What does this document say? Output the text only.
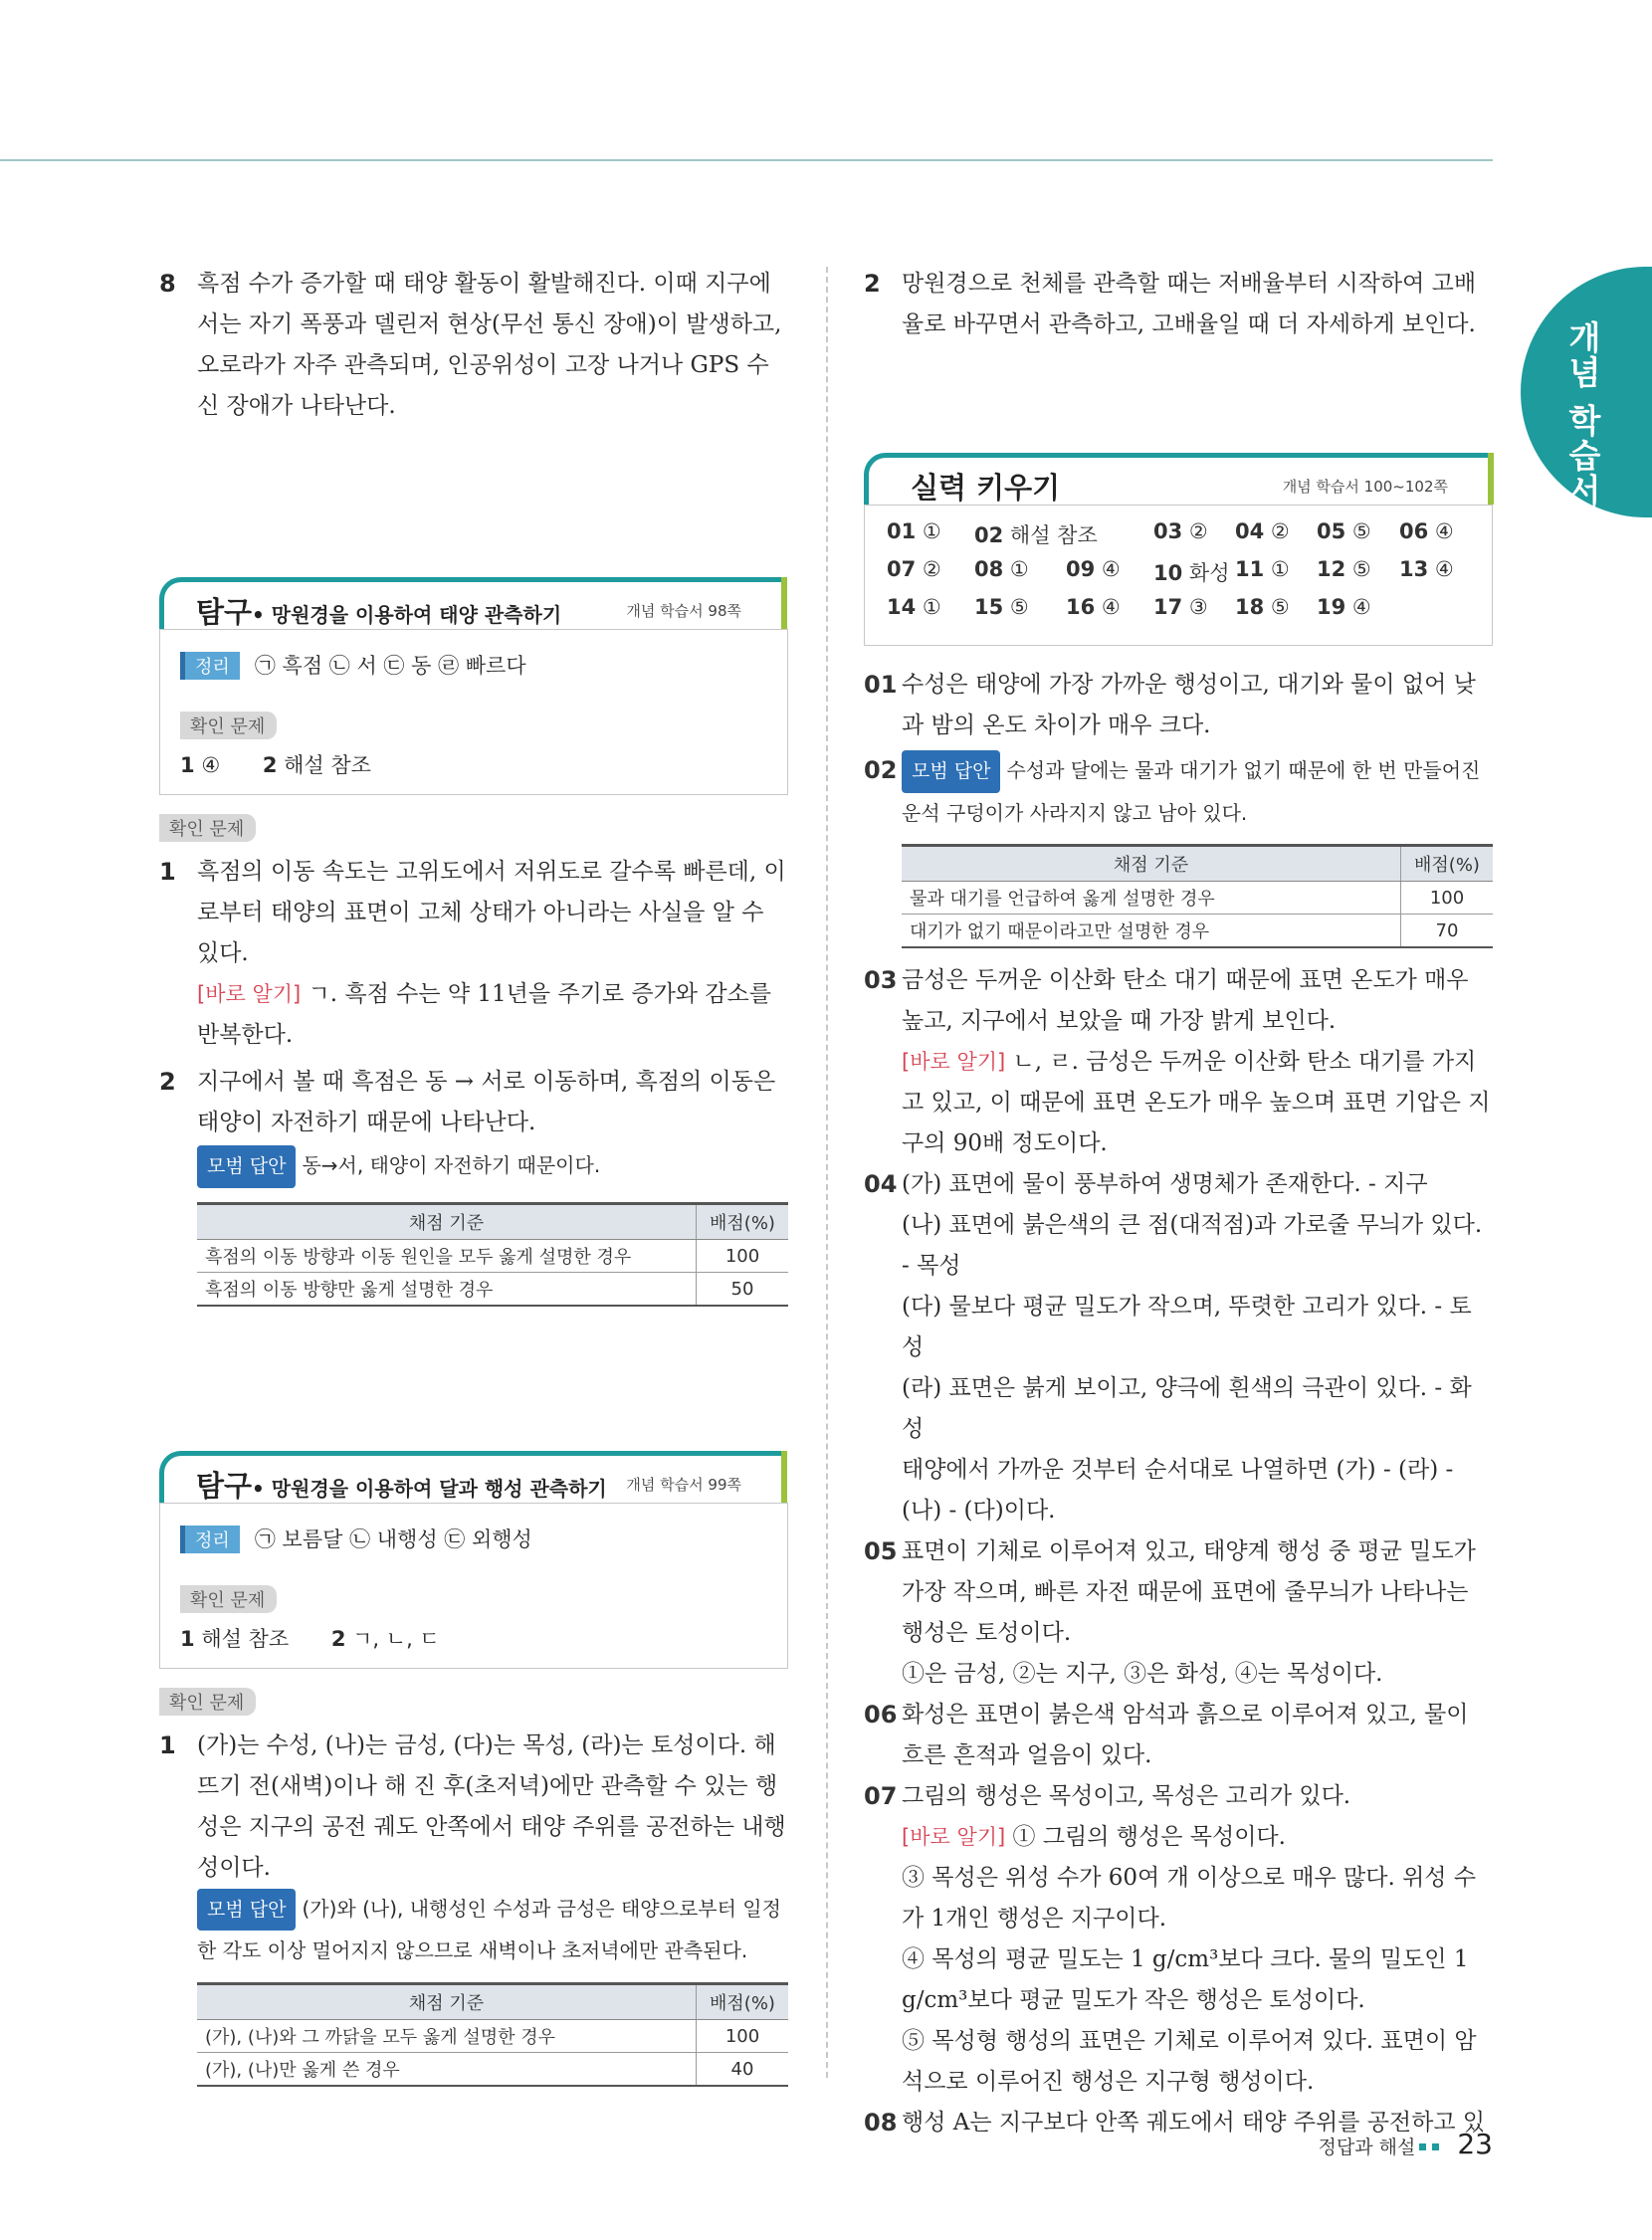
개념 학습서
8 흑점 수가 증가할 때 태양 활동이 활발해진다. 이때 지구에서는 자기 폭풍과 델린저 현상(무선 통신 장애)이 발생하고, 오로라가 자주 관측되며, 인공위성이 고장 나거나 GPS 수신 장애가 나타난다.
탐구• 망원경을 이용하여 태양 관측하기	개념 학습서 98쪽
정리 ㉠ 흑점 ㉡ 서 ㉢ 동 ㉣ 빠르다
확인 문제
1 ④ 2 해설 참조
확인 문제
1 흑점의 이동 속도는 고위도에서 저위도로 갈수록 빠른데, 이로부터 태양의 표면이 고체 상태가 아니라는 사실을 알 수 있다.
[바로 알기] ㄱ. 흑점 수는 약 11년을 주기로 증가와 감소를 반복한다.
2 지구에서 볼 때 흑점은 동 → 서로 이동하며, 흑점의 이동은 태양이 자전하기 때문에 나타난다.
모범 답안 동→서, 태양이 자전하기 때문이다.
채점 기준	배점(%)
흑점의 이동 방향과 이동 원인을 모두 옳게 설명한 경우	100
흑점의 이동 방향만 옳게 설명한 경우	50
탐구• 망원경을 이용하여 달과 행성 관측하기 개념 학습서 99쪽
정리 ㉠ 보름달 ㉡ 내행성 ㉢ 외행성
확인 문제
1 해설 참조 2 ㄱ, ㄴ, ㄷ
확인 문제
1 (가)는 수성, (나)는 금성, (다)는 목성, (라)는 토성이다. 해뜨기 전(새벽)이나 해 진 후(초저녁)에만 관측할 수 있는 행성은 지구의 공전 궤도 안쪽에서 태양 주위를 공전하는 내행성이다.
모범 답안 (가)와 (나), 내행성인 수성과 금성은 태양으로부터 일정한 각도 이상 멀어지지 않으므로 새벽이나 초저녁에만 관측된다.
채점 기준	배점(%)
(가), (나)와 그 까닭을 모두 옳게 설명한 경우	100
(가), (나)만 옳게 쓴 경우	40
2 망원경으로 천체를 관측할 때는 저배율부터 시작하여 고배율로 바꾸면서 관측하고, 고배율일 때 더 자세하게 보인다.
실력 키우기	개념 학습서 100~102쪽
01 ① 02 해설 참조	03 ② 04 ② 05 ⑤ 06 ④
07 ② 08 ① 09 ④ 10 화성 11 ① 12 ⑤ 13 ④
14 ① 15 ⑤ 16 ④ 17 ③ 18 ⑤ 19 ④
01 수성은 태양에 가장 가까운 행성이고, 대기와 물이 없어 낮과 밤의 온도 차이가 매우 크다.
02 모범 답안 수성과 달에는 물과 대기가 없기 때문에 한 번 만들어진 운석 구덩이가 사라지지 않고 남아 있다.
채점 기준	배점(%)
물과 대기를 언급하여 옳게 설명한 경우	100
대기가 없기 때문이라고만 설명한 경우	70
03 금성은 두꺼운 이산화 탄소 대기 때문에 표면 온도가 매우 높고, 지구에서 보았을 때 가장 밝게 보인다.
[바로 알기] ㄴ, ㄹ. 금성은 두꺼운 이산화 탄소 대기를 가지고 있고, 이 때문에 표면 온도가 매우 높으며 표면 기압은 지구의 90배 정도이다.
04 (가) 표면에 물이 풍부하여 생명체가 존재한다. - 지구
(나) 표면에 붉은색의 큰 점(대적점)과 가로줄 무늬가 있다. - 목성
(다) 물보다 평균 밀도가 작으며, 뚜렷한 고리가 있다. - 토성
(라) 표면은 붉게 보이고, 양극에 흰색의 극관이 있다. - 화성
태양에서 가까운 것부터 순서대로 나열하면 (가) - (라) - (나) - (다)이다.
05 표면이 기체로 이루어져 있고, 태양계 행성 중 평균 밀도가 가장 작으며, 빠른 자전 때문에 표면에 줄무늬가 나타나는 행성은 토성이다.
①은 금성, ②는 지구, ③은 화성, ④는 목성이다.
06 화성은 표면이 붉은색 암석과 흙으로 이루어져 있고, 물이 흐른 흔적과 얼음이 있다.
07 그림의 행성은 목성이고, 목성은 고리가 있다.
[바로 알기] ① 그림의 행성은 목성이다.
③ 목성은 위성 수가 60여 개 이상으로 매우 많다. 위성 수가 1개인 행성은 지구이다.
④ 목성의 평균 밀도는 1 g/cm³보다 크다. 물의 밀도인 1 g/cm³보다 평균 밀도가 작은 행성은 토성이다.
⑤ 목성형 행성의 표면은 기체로 이루어져 있다. 표면이 암석으로 이루어진 행성은 지구형 행성이다.
08 행성 A는 지구보다 안쪽 궤도에서 태양 주위를 공전하고 있
정답과 해설 23
